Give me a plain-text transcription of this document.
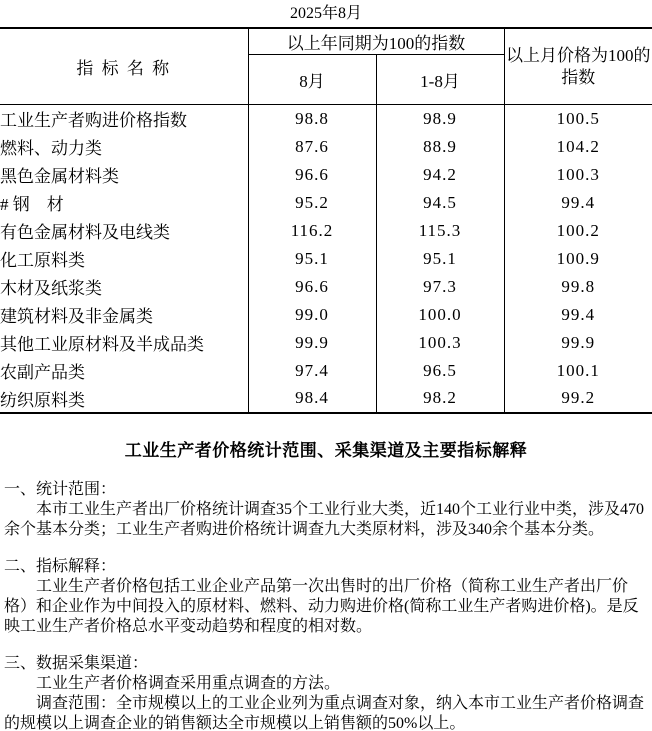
2025年8月
指 标 名 称	以上年同期为100的指数		以上月价格为100的指数
	8月	1-8月	
工业生产者购进价格指数	98.8	98.9	100.5
燃料、动力类	87.6	88.9	104.2
黑色金属材料类	96.6	94.2	100.3
# 钢　材	95.2	94.5	99.4
有色金属材料及电线类	116.2	115.3	100.2
化工原料类	95.1	95.1	100.9
木材及纸浆类	96.6	97.3	99.8
建筑材料及非金属类	99.0	100.0	99.4
其他工业原材料及半成品类	99.9	100.3	99.9
农副产品类	97.4	96.5	100.1
纺织原料类	98.4	98.2	99.2
工业生产者价格统计范围、采集渠道及主要指标解释

一、统计范围：

本市工业生产者出厂价格统计调查35个工业行业大类，近140个工业行业中类，涉及470余个基本分类；工业生产者购进价格统计调查九大类原材料，涉及340余个基本分类。

二、指标解释：

工业生产者价格包括工业企业产品第一次出售时的出厂价格（简称工业生产者出厂价格）和企业作为中间投入的原材料、燃料、动力购进价格(简称工业生产者购进价格)。是反映工业生产者价格总水平变动趋势和程度的相对数。

三、数据采集渠道：

工业生产者价格调查采用重点调查的方法。

调查范围：全市规模以上的工业企业列为重点调查对象，纳入本市工业生产者价格调查的规模以上调查企业的销售额达全市规模以上销售额的50%以上。
